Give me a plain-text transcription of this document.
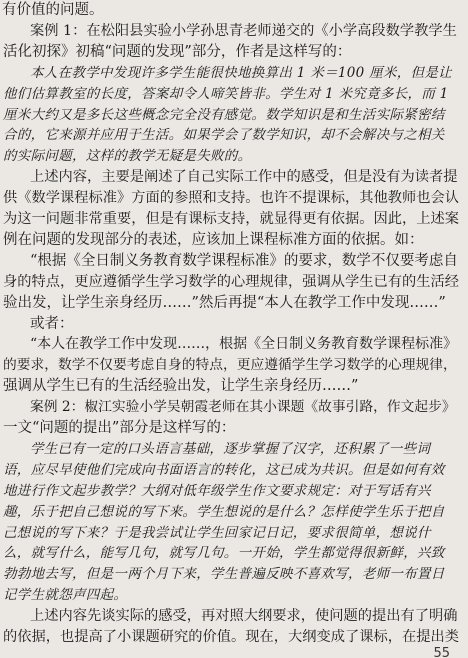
有价值的问题。
案例 1：在松阳县实验小学孙思青老师递交的《小学高段数学教学生
活化初探》初稿“问题的发现”部分，作者是这样写的：
本人在教学中发现许多学生能很快地换算出 1 米＝100 厘米，但是让
他们估算教室的长度，答案却令人啼笑皆非。学生对 1 米究竟多长，而 1
厘米大约又是多长这些概念完全没有感觉。数学知识是和生活实际紧密结
合的，它来源并应用于生活。如果学会了数学知识，却不会解决与之相关
的实际问题，这样的教学无疑是失败的。
上述内容，主要是阐述了自己实际工作中的感受，但是没有为读者提
供《数学课程标准》方面的参照和支持。也许不提课标，其他教师也会认
为这一问题非常重要，但是有课标支持，就显得更有依据。因此，上述案
例在问题的发现部分的表述，应该加上课程标准方面的依据。如：
“根据《全日制义务教育数学课程标准》的要求，数学不仅要考虑自
身的特点，更应遵循学生学习数学的心理规律，强调从学生已有的生活经
验出发，让学生亲身经历……”然后再提“本人在教学工作中发现……”
或者：
“本人在教学工作中发现……，根据《全日制义务教育数学课程标准》
的要求，数学不仅要考虑自身的特点，更应遵循学生学习数学的心理规律，
强调从学生已有的生活经验出发，让学生亲身经历……”
案例 2：椒江实验小学吴朝霞老师在其小课题《故事引路，作文起步》
一文“问题的提出”部分是这样写的：
学生已有一定的口头语言基础，逐步掌握了汉字，还积累了一些词
语，应尽早使他们完成向书面语言的转化，这已成为共识。但是如何有效
地进行作文起步教学？大纲对低年级学生作文要求规定：对于写话有兴
趣，乐于把自己想说的写下来。学生想说的是什么？怎样使学生乐于把自
己想说的写下来？于是我尝试让学生回家记日记，要求很简单，想说什
么，就写什么，能写几句，就写几句。一开始，学生都觉得很新鲜，兴致
勃勃地去写，但是一两个月下来，学生普遍反映不喜欢写，老师一布置日
记学生就怨声四起。
上述内容先谈实际的感受，再对照大纲要求，使问题的提出有了明确
的依据，也提高了小课题研究的价值。现在，大纲变成了课标，在提出类
55
